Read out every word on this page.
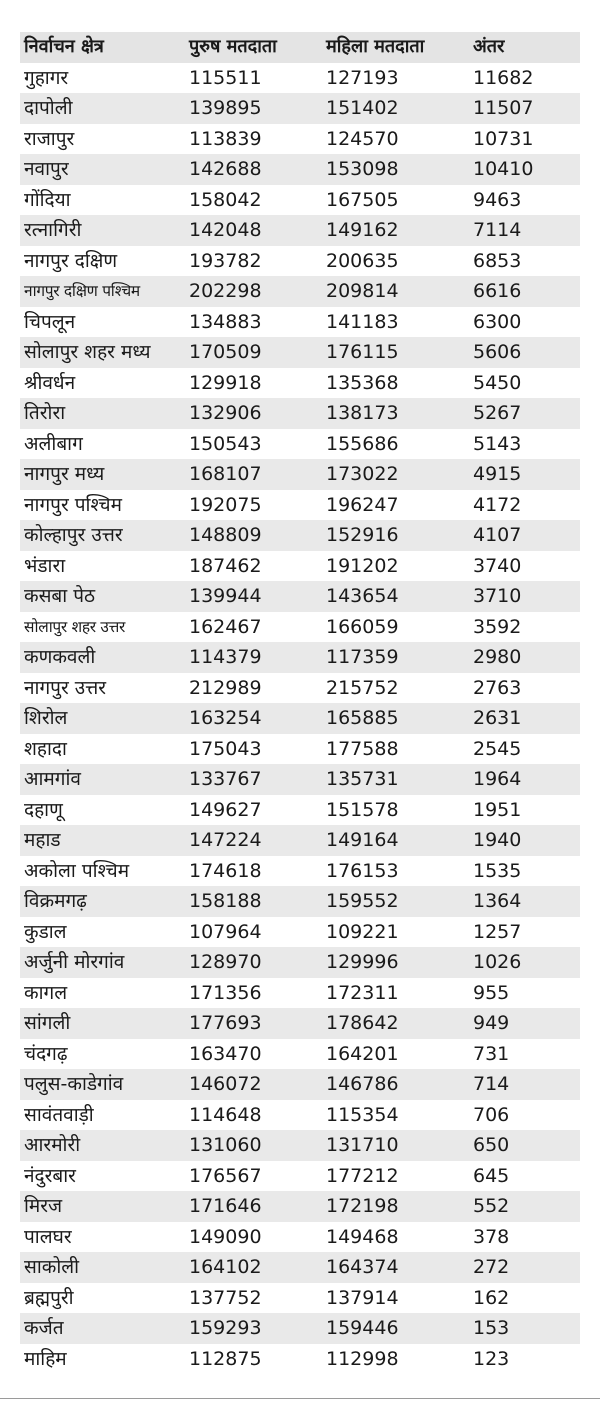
निर्वाचन क्षेत्र	पुरुष मतदाता	महिला मतदाता	अंतर
गुहागर	115511	127193	11682
दापोली	139895	151402	11507
राजापुर	113839	124570	10731
नवापुर	142688	153098	10410
गोंदिया	158042	167505	9463
रत्नागिरी	142048	149162	7114
नागपुर दक्षिण	193782	200635	6853
नागपुर दक्षिण पश्चिम	202298	209814	6616
चिपलून	134883	141183	6300
सोलापुर शहर मध्य	170509	176115	5606
श्रीवर्धन	129918	135368	5450
तिरोरा	132906	138173	5267
अलीबाग	150543	155686	5143
नागपुर मध्य	168107	173022	4915
नागपुर पश्चिम	192075	196247	4172
कोल्हापुर उत्तर	148809	152916	4107
भंडारा	187462	191202	3740
कसबा पेठ	139944	143654	3710
सोलापुर शहर उत्तर	162467	166059	3592
कणकवली	114379	117359	2980
नागपुर उत्तर	212989	215752	2763
शिरोल	163254	165885	2631
शहादा	175043	177588	2545
आमगांव	133767	135731	1964
दहाणू	149627	151578	1951
महाड	147224	149164	1940
अकोला पश्चिम	174618	176153	1535
विक्रमगढ़	158188	159552	1364
कुडाल	107964	109221	1257
अर्जुनी मोरगांव	128970	129996	1026
कागल	171356	172311	955
सांगली	177693	178642	949
चंदगढ़	163470	164201	731
पलुस-काडेगांव	146072	146786	714
सावंतवाड़ी	114648	115354	706
आरमोरी	131060	131710	650
नंदुरबार	176567	177212	645
मिरज	171646	172198	552
पालघर	149090	149468	378
साकोली	164102	164374	272
ब्रह्मपुरी	137752	137914	162
कर्जत	159293	159446	153
माहिम	112875	112998	123
